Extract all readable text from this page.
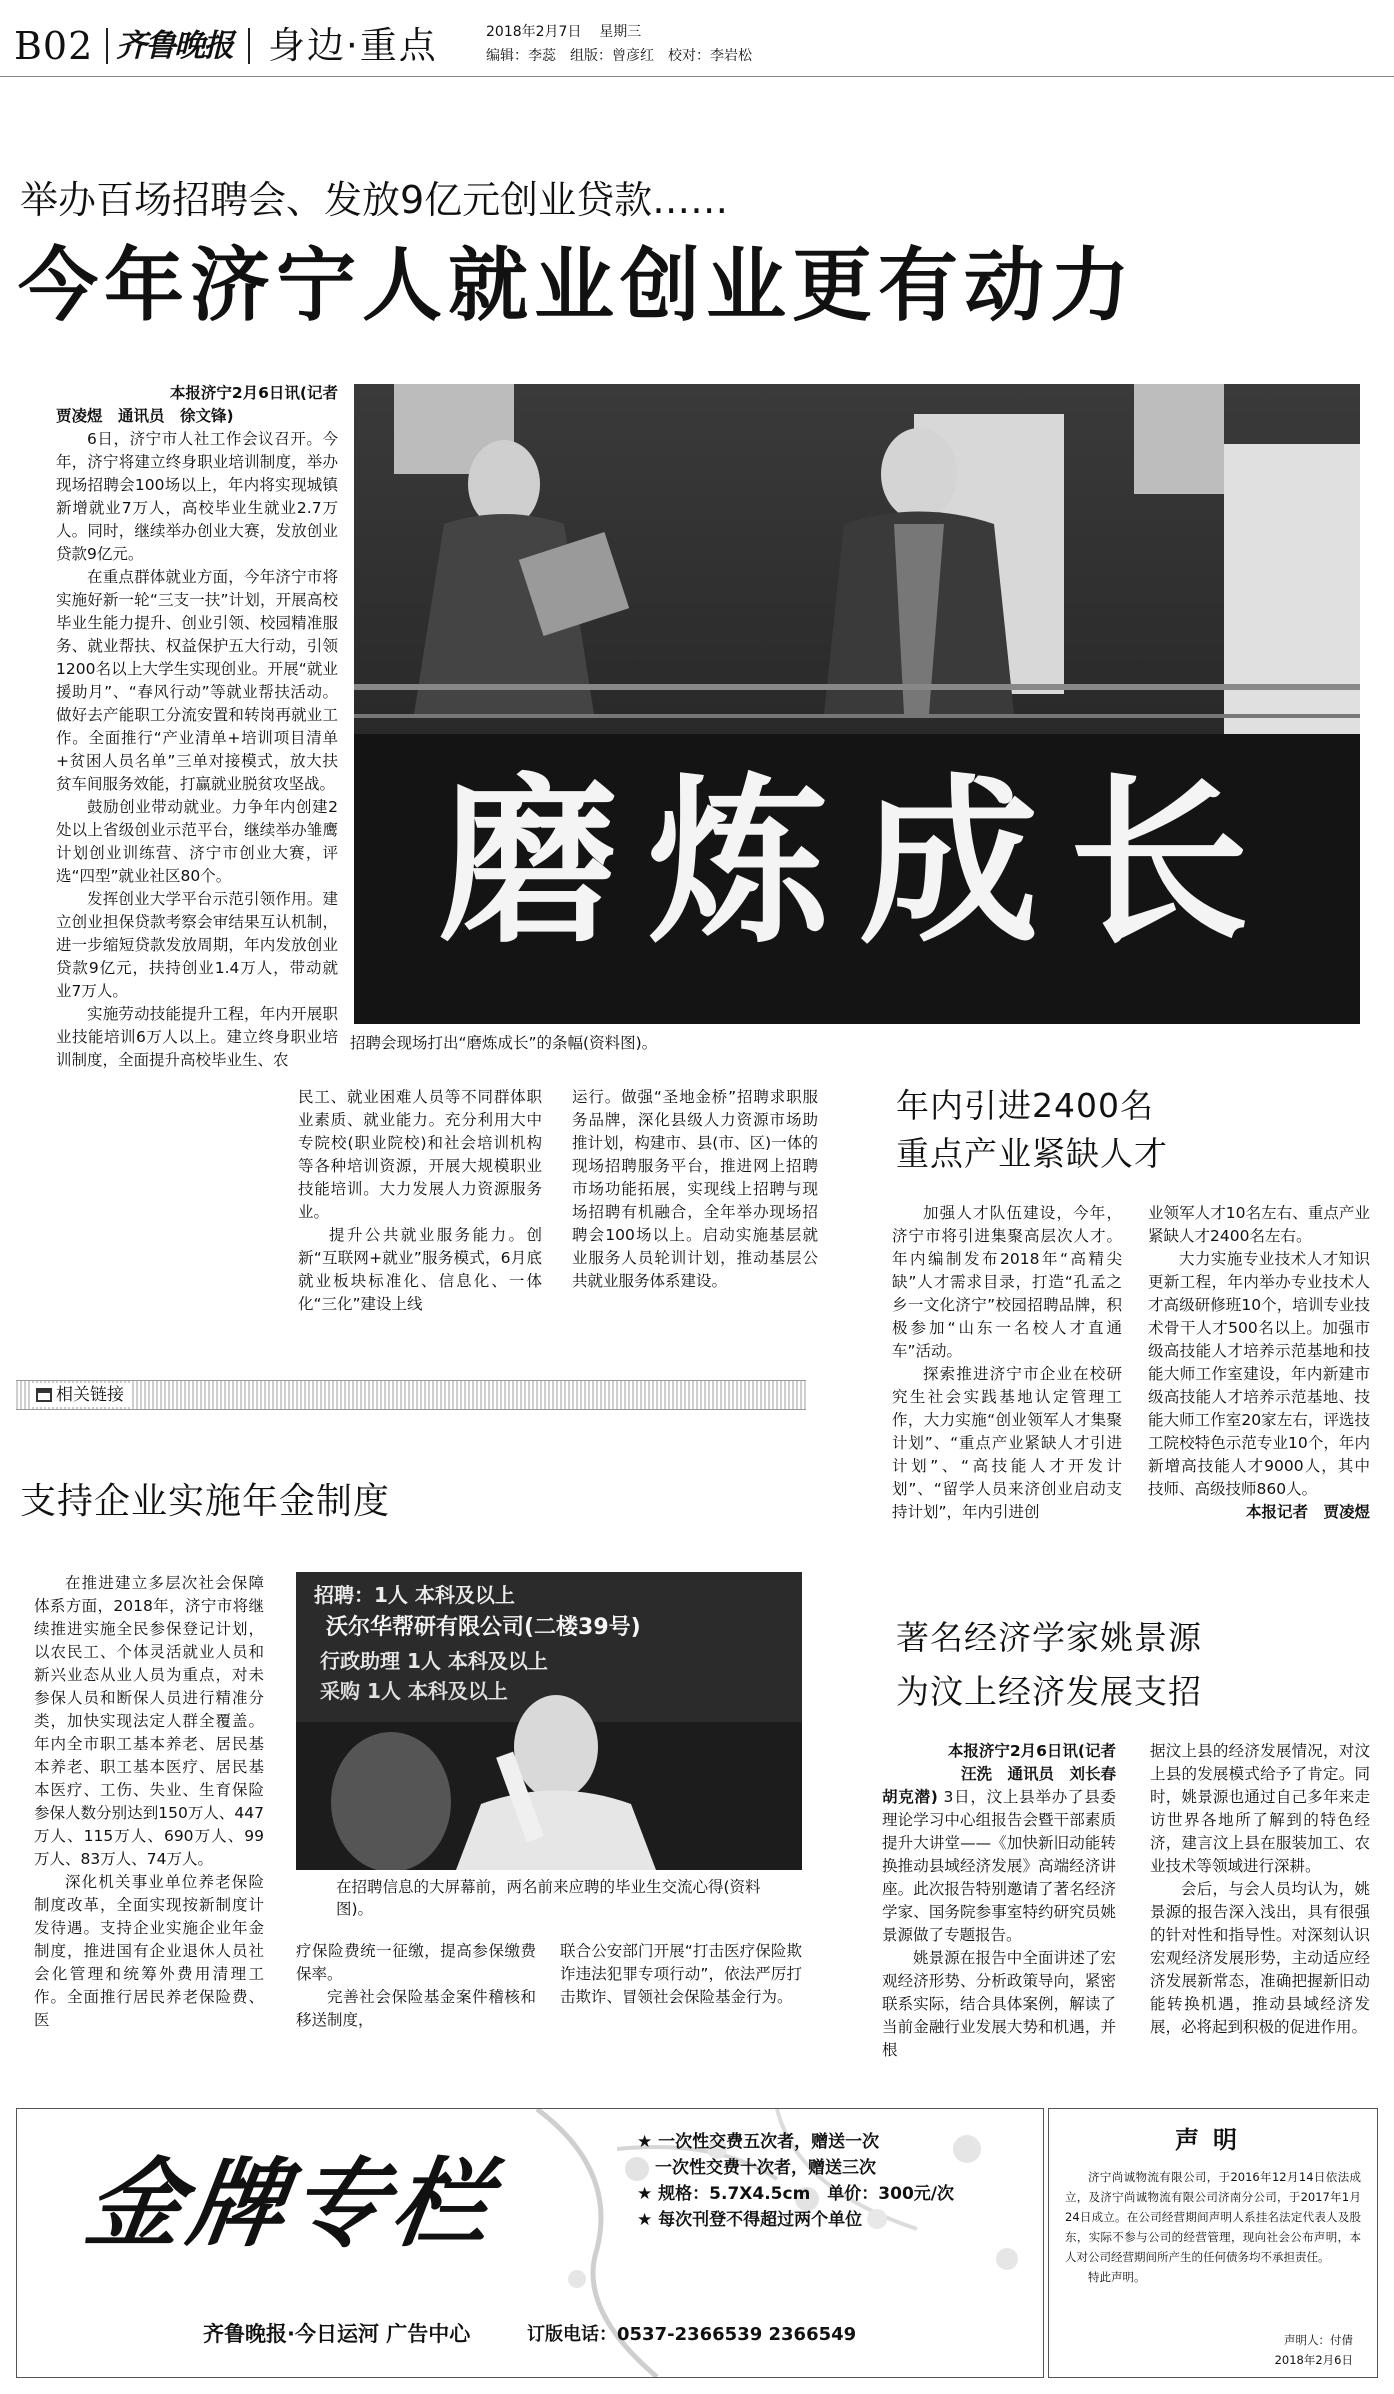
B02 齐鲁晚报 身边·重点	2018年2月7日 星期三
编辑：李蕊　组版：曾彦红　校对：李岩松
举办百场招聘会、发放9亿元创业贷款……
今年济宁人就业创业更有动力

本报济宁2月6日讯(记者

贾凌煜　通讯员　徐文锋)

6日，济宁市人社工作会议召开。今年，济宁将建立终身职业培训制度，举办现场招聘会100场以上，年内将实现城镇新增就业7万人，高校毕业生就业2.7万人。同时，继续举办创业大赛，发放创业贷款9亿元。

在重点群体就业方面，今年济宁市将实施好新一轮“三支一扶”计划，开展高校毕业生能力提升、创业引领、校园精准服务、就业帮扶、权益保护五大行动，引领1200名以上大学生实现创业。开展“就业援助月”、“春风行动”等就业帮扶活动。做好去产能职工分流安置和转岗再就业工作。全面推行“产业清单+培训项目清单+贫困人员名单”三单对接模式，放大扶贫车间服务效能，打赢就业脱贫攻坚战。

鼓励创业带动就业。力争年内创建2处以上省级创业示范平台，继续举办雏鹰计划创业训练营、济宁市创业大赛，评选“四型”就业社区80个。

发挥创业大学平台示范引领作用。建立创业担保贷款考察会审结果互认机制，进一步缩短贷款发放周期，年内发放创业贷款9亿元，扶持创业1.4万人，带动就业7万人。

实施劳动技能提升工程，年内开展职业技能培训6万人以上。建立终身职业培训制度，全面提升高校毕业生、农

磨炼成长
招聘会现场打出“磨炼成长”的条幅(资料图)。

民工、就业困难人员等不同群体职业素质、就业能力。充分利用大中专院校(职业院校)和社会培训机构等各种培训资源，开展大规模职业技能培训。大力发展人力资源服务业。

提升公共就业服务能力。创新“互联网+就业”服务模式，6月底就业板块标准化、信息化、一体化“三化”建设上线

运行。做强“圣地金桥”招聘求职服务品牌，深化县级人力资源市场助推计划，构建市、县(市、区)一体的现场招聘服务平台，推进网上招聘市场功能拓展，实现线上招聘与现场招聘有机融合，全年举办现场招聘会100场以上。启动实施基层就业服务人员轮训计划，推动基层公共就业服务体系建设。

年内引进2400名
重点产业紧缺人才

加强人才队伍建设，今年，济宁市将引进集聚高层次人才。年内编制发布2018年“高精尖缺”人才需求目录，打造“孔孟之乡一文化济宁”校园招聘品牌，积极参加“山东一名校人才直通车”活动。

探索推进济宁市企业在校研究生社会实践基地认定管理工作，大力实施“创业领军人才集聚计划”、“重点产业紧缺人才引进计划”、“高技能人才开发计划”、“留学人员来济创业启动支持计划”，年内引进创

业领军人才10名左右、重点产业紧缺人才2400名左右。

大力实施专业技术人才知识更新工程，年内举办专业技术人才高级研修班10个，培训专业技术骨干人才500名以上。加强市级高技能人才培养示范基地和技能大师工作室建设，年内新建市级高技能人才培养示范基地、技能大师工作室20家左右，评选技工院校特色示范专业10个，年内新增高技能人才9000人，其中技师、高级技师860人。

本报记者　贾凌煜

相关链接
支持企业实施年金制度

在推进建立多层次社会保障体系方面，2018年，济宁市将继续推进实施全民参保登记计划，以农民工、个体灵活就业人员和新兴业态从业人员为重点，对未参保人员和断保人员进行精准分类，加快实现法定人群全覆盖。年内全市职工基本养老、居民基本养老、职工基本医疗、居民基本医疗、工伤、失业、生育保险参保人数分别达到150万人、447万人、115万人、690万人、99万人、83万人、74万人。

深化机关事业单位养老保险制度改革，全面实现按新制度计发待遇。支持企业实施企业年金制度，推进国有企业退休人员社会化管理和统筹外费用清理工作。全面推行居民养老保险费、医

招聘：1人 本科及以上
沃尔华帮研有限公司(二楼39号)
行政助理 1人 本科及以上
采购 1人 本科及以上
在招聘信息的大屏幕前，两名前来应聘的毕业生交流心得(资料图)。

疗保险费统一征缴，提高参保缴费保率。

完善社会保险基金案件稽核和移送制度，

联合公安部门开展“打击医疗保险欺诈违法犯罪专项行动”，依法严厉打击欺诈、冒领社会保险基金行为。

著名经济学家姚景源
为汶上经济发展支招

本报济宁2月6日讯(记者

汪洗　通讯员　刘长春

胡克潜)

3日，汶上县举办了县委理论学习中心组报告会暨干部素质提升大讲堂——《加快新旧动能转换推动县域经济发展》高端经济讲座。此次报告特别邀请了著名经济学家、国务院参事室特约研究员姚景源做了专题报告。

姚景源在报告中全面讲述了宏观经济形势、分析政策导向，紧密联系实际，结合具体案例，解读了当前金融行业发展大势和机遇，并根

据汶上县的经济发展情况，对汶上县的发展模式给予了肯定。同时，姚景源也通过自己多年来走访世界各地所了解到的特色经济，建言汶上县在服装加工、农业技术等领域进行深耕。

会后，与会人员均认为，姚景源的报告深入浅出，具有很强的针对性和指导性。对深刻认识宏观经济发展形势，主动适应经济发展新常态，准确把握新旧动能转换机遇，推动县域经济发展，必将起到积极的促进作用。

金牌专栏
★ 一次性交费五次者，赠送一次
一次性交费十次者，赠送三次
★ 规格：5.7X4.5cm　单价：300元/次
★ 每次刊登不得超过两个单位
齐鲁晚报·今日运河 广告中心	订版电话：0537-2366539 2366549
声明
济宁尚诚物流有限公司，于2016年12月14日依法成立，及济宁尚诚物流有限公司济南分公司，于2017年1月24日成立。在公司经营期间声明人系挂名法定代表人及股东，实际不参与公司的经营管理，现向社会公布声明，本人对公司经营期间所产生的任何债务均不承担责任。
特此声明。
声明人：付倩
2018年2月6日
